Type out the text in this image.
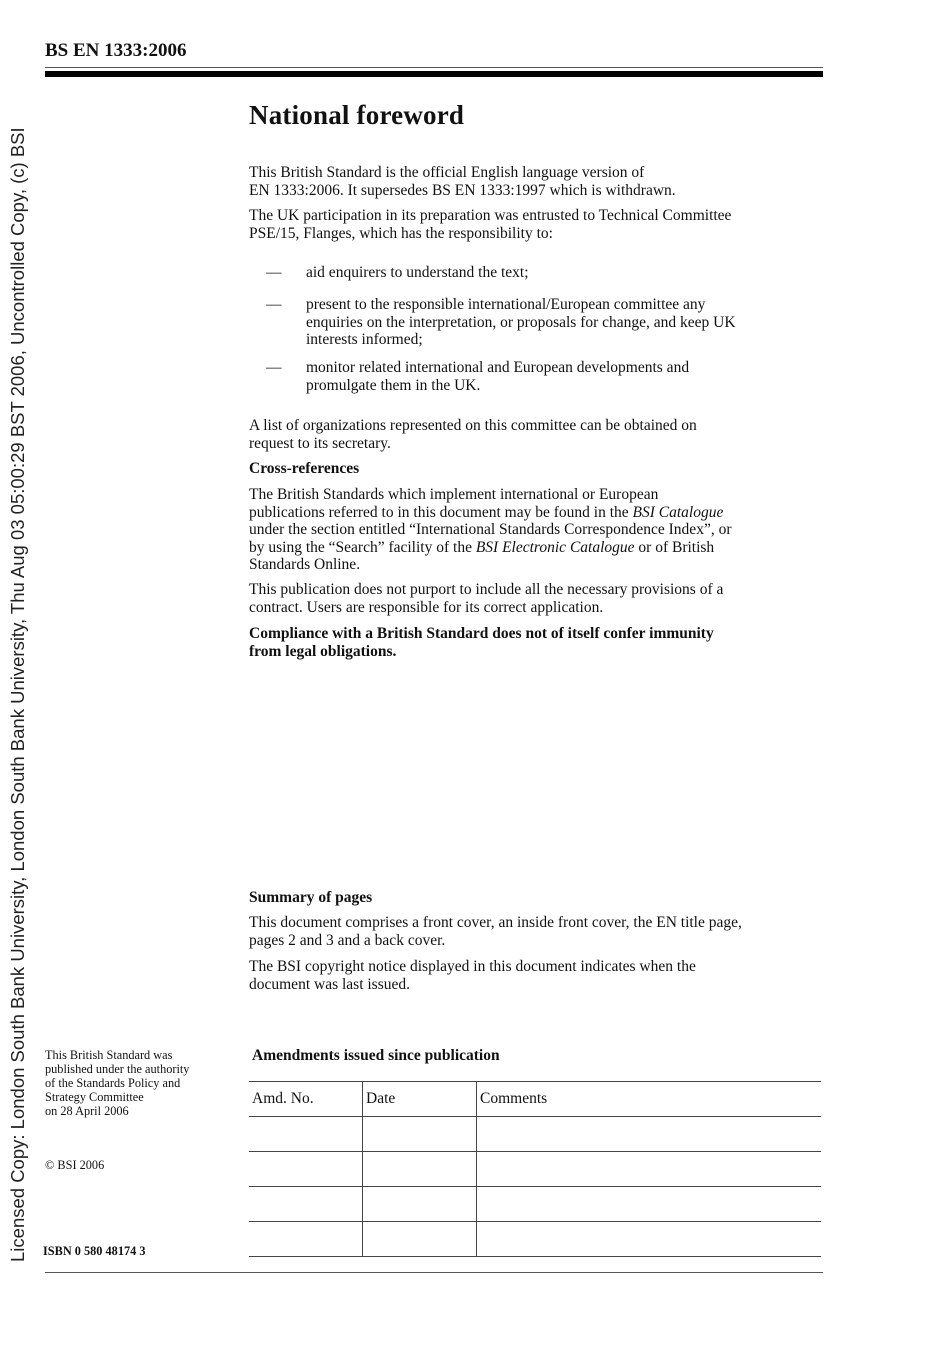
Licensed Copy: London South Bank University, London South Bank University, Thu Aug 03 05:00:29 BST 2006, Uncontrolled Copy, (c) BSI
BS EN 1333:2006
National foreword

This British Standard is the official English language version of

EN 1333:2006. It supersedes BS EN 1333:1997 which is withdrawn.

The UK participation in its preparation was entrusted to Technical Committee

PSE/15, Flanges, which has the responsibility to:

— aid enquirers to understand the text;

— present to the responsible international/European committee any

enquiries on the interpretation, or proposals for change, and keep UK

interests informed;

— monitor related international and European developments and

promulgate them in the UK.

A list of organizations represented on this committee can be obtained on

request to its secretary.

Cross-references

The British Standards which implement international or European

publications referred to in this document may be found in the BSI Catalogue

under the section entitled “International Standards Correspondence Index”, or

by using the “Search” facility of the BSI Electronic Catalogue or of British

Standards Online.

This publication does not purport to include all the necessary provisions of a

contract. Users are responsible for its correct application.

Compliance with a British Standard does not of itself confer immunity

from legal obligations.

Summary of pages

This document comprises a front cover, an inside front cover, the EN title page,

pages 2 and 3 and a back cover.

The BSI copyright notice displayed in this document indicates when the

document was last issued.

This British Standard was
published under the authority
of the Standards Policy and
Strategy Committee
on 28 April 2006
© BSI 2006
ISBN 0 580 48174 3
Amendments issued since publication
Amd. No.	Date	Comments
